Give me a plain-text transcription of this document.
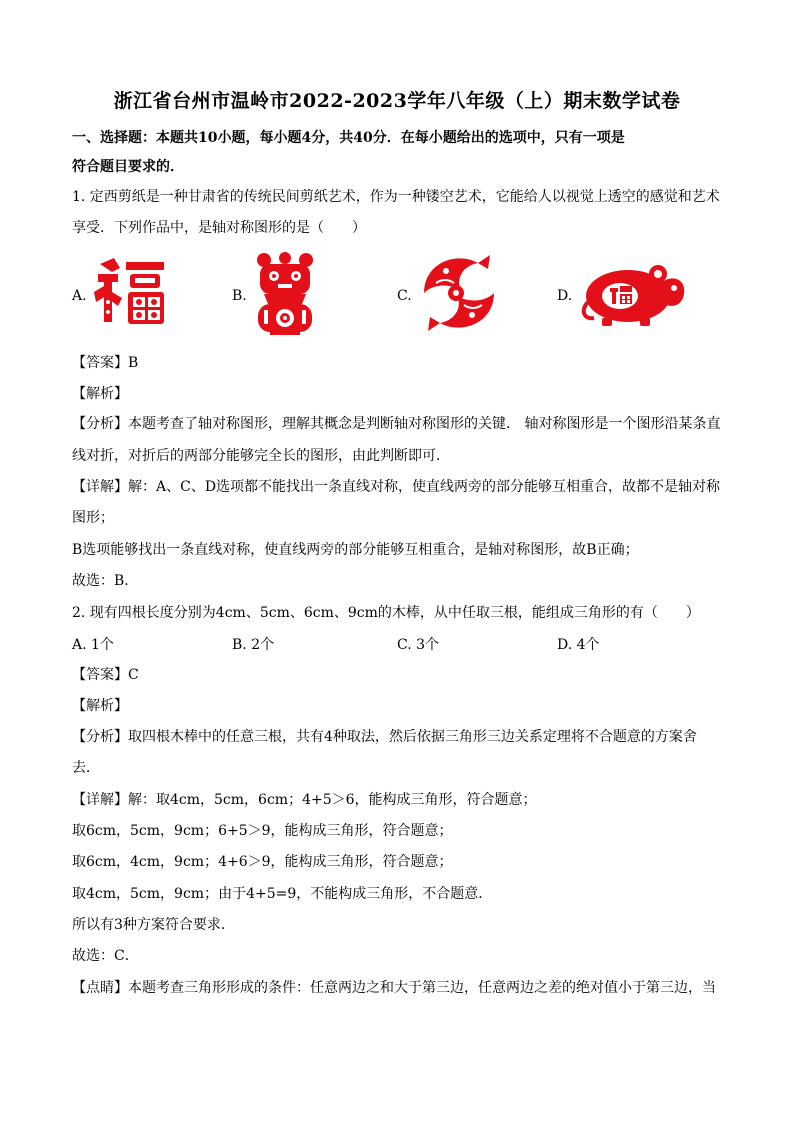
浙江省台州市温岭市2022-2023学年八年级（上）期末数学试卷
一、选择题：本题共10小题，每小题4分，共40分．在每小题给出的选项中，只有一项是
符合题目要求的．
1. 定西剪纸是一种甘肃省的传统民间剪纸艺术，作为一种镂空艺术，它能给人以视觉上透空的感觉和艺术
享受．下列作品中，是轴对称图形的是（　　）
A.	B.	C.	D.
【答案】B
【解析】
【分析】本题考查了轴对称图形，理解其概念是判断轴对称图形的关键． 轴对称图形是一个图形沿某条直
线对折，对折后的两部分能够完全长的图形，由此判断即可．
【详解】解：A、C、D选项都不能找出一条直线对称，使直线两旁的部分能够互相重合，故都不是轴对称
图形；
B选项能够找出一条直线对称，使直线两旁的部分能够互相重合，是轴对称图形，故B正确；
故选：B．
2. 现有四根长度分别为4cm、5cm、6cm、9cm的木棒，从中任取三根，能组成三角形的有（　　）
A. 1个	B. 2个	C. 3个	D. 4个
【答案】C
【解析】
【分析】取四根木棒中的任意三根，共有4种取法，然后依据三角形三边关系定理将不合题意的方案舍
去．
【详解】解：取4cm，5cm，6cm；4+5＞6，能构成三角形，符合题意；
取6cm，5cm，9cm；6+5＞9，能构成三角形，符合题意；
取6cm，4cm，9cm；4+6＞9，能构成三角形，符合题意；
取4cm，5cm，9cm；由于4+5=9，不能构成三角形，不合题意．
所以有3种方案符合要求．
故选：C．
【点睛】本题考查三角形形成的条件：任意两边之和大于第三边，任意两边之差的绝对值小于第三边，当
